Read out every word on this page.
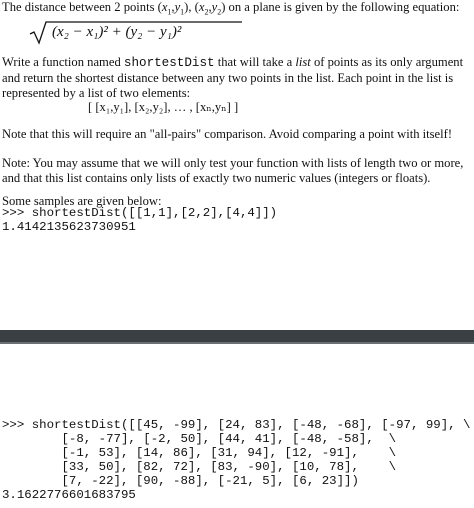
The distance between 2 points $(x_1,y_1)$, $(x_2,y_2)$ on a plane is given by the following equation:

(x₂ − x₁)² + (y₂ − y₁)²

Write a function named shortestDist that will take a list of points as its only argument and return the shortest distance between any two points in the list. Each point in the list is represented by a list of two elements:

[ [x₁,y₁], [x₂,y₂], … , [xₙ,yₙ] ]

Note that this will require an "all-pairs" comparison. Avoid comparing a point with itself!

Note: You may assume that we will only test your function with lists of length two or more, and that this list contains only lists of exactly two numeric values (integers or floats).

Some samples are given below:

>>> shortestDist([[1,1],[2,2],[4,4]])
1.4142135623730951
>>> shortestDist([[45, -99], [24, 83], [-48, -68], [-97, 99], \
[-8, -77], [-2, 50], [44, 41], [-48, -58],  \
[-1, 53], [14, 86], [31, 94], [12, -91],    \
[33, 50], [82, 72], [83, -90], [10, 78],    \
[7, -22], [90, -88], [-21, 5], [6, 23]])
3.1622776601683795
